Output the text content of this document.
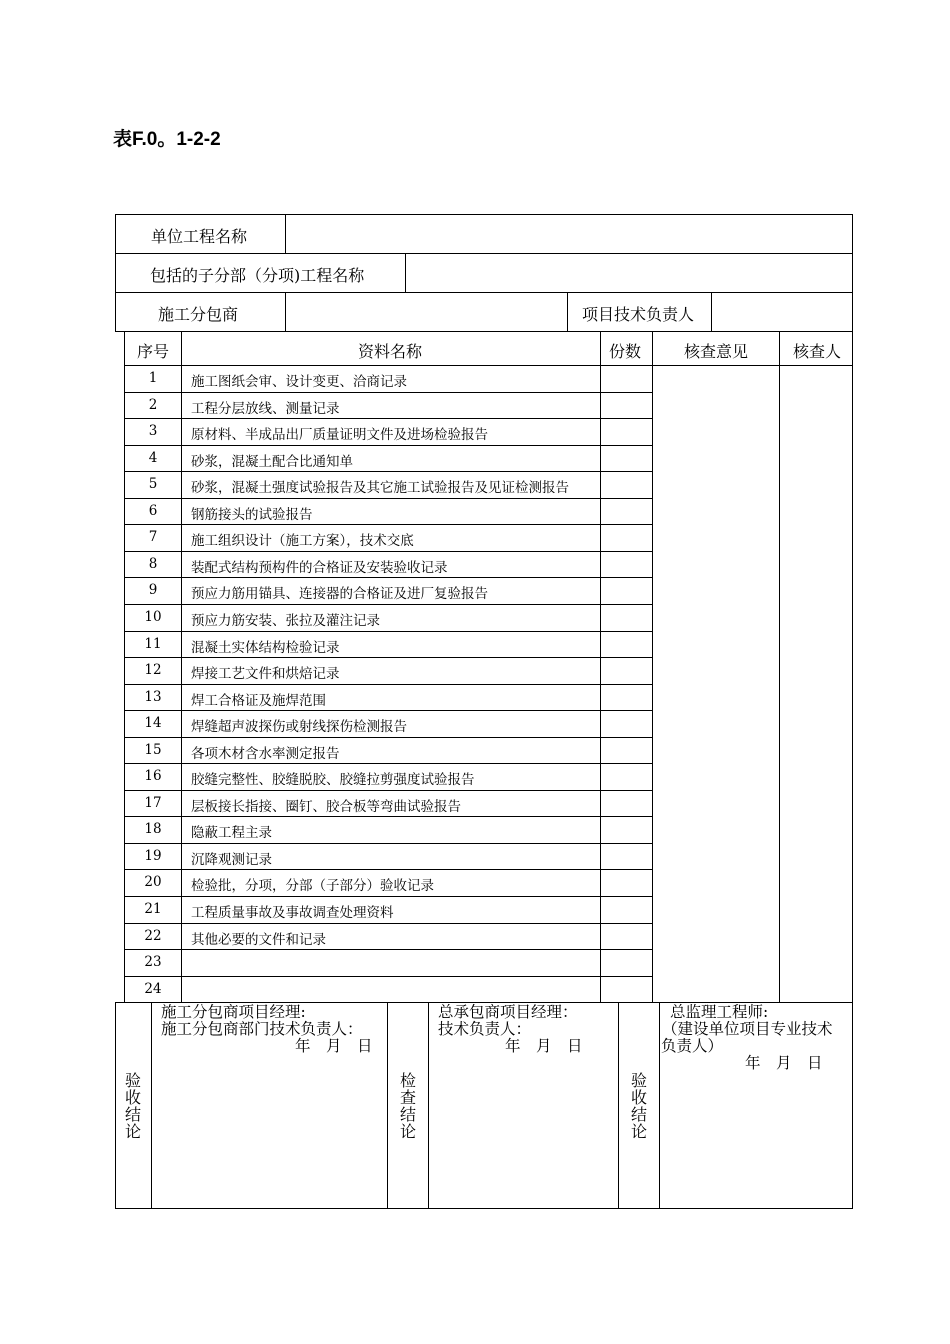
表F.0。1-2-2
单位工程名称
包括的子分部（分项)工程名称
施工分包商	项目技术负责人
序号	资料名称	份数	核查意见	核查人
1	施工图纸会审、设计变更、洽商记录
2	工程分层放线、测量记录
3	原材料、半成品出厂质量证明文件及进场检验报告
4	砂浆，混凝土配合比通知单
5	砂浆，混凝土强度试验报告及其它施工试验报告及见证检测报告
6	钢筋接头的试验报告
7	施工组织设计（施工方案），技术交底
8	装配式结构预构件的合格证及安装验收记录
9	预应力筋用锚具、连接器的合格证及进厂复验报告
10	预应力筋安装、张拉及灌注记录
11	混凝土实体结构检验记录
12	焊接工艺文件和烘焙记录
13	焊工合格证及施焊范围
14	焊缝超声波探伤或射线探伤检测报告
15	各项木材含水率测定报告
16	胶缝完整性、胶缝脱胶、胶缝拉剪强度试验报告
17	层板接长指接、圈钉、胶合板等弯曲试验报告
18	隐蔽工程主录
19	沉降观测记录
20	检验批，分项，分部（子部分）验收记录
21	工程质量事故及事故调查处理资料
22	其他必要的文件和记录
23
24
验收结论
施工分包商项目经理:
施工分包商部门技术负责人：
年　月　日
检查结论
总承包商项目经理：
技术负责人：
年　月　日
验收结论
总监理工程师:
（建设单位项目专业技术
负责人）
年　月　日
